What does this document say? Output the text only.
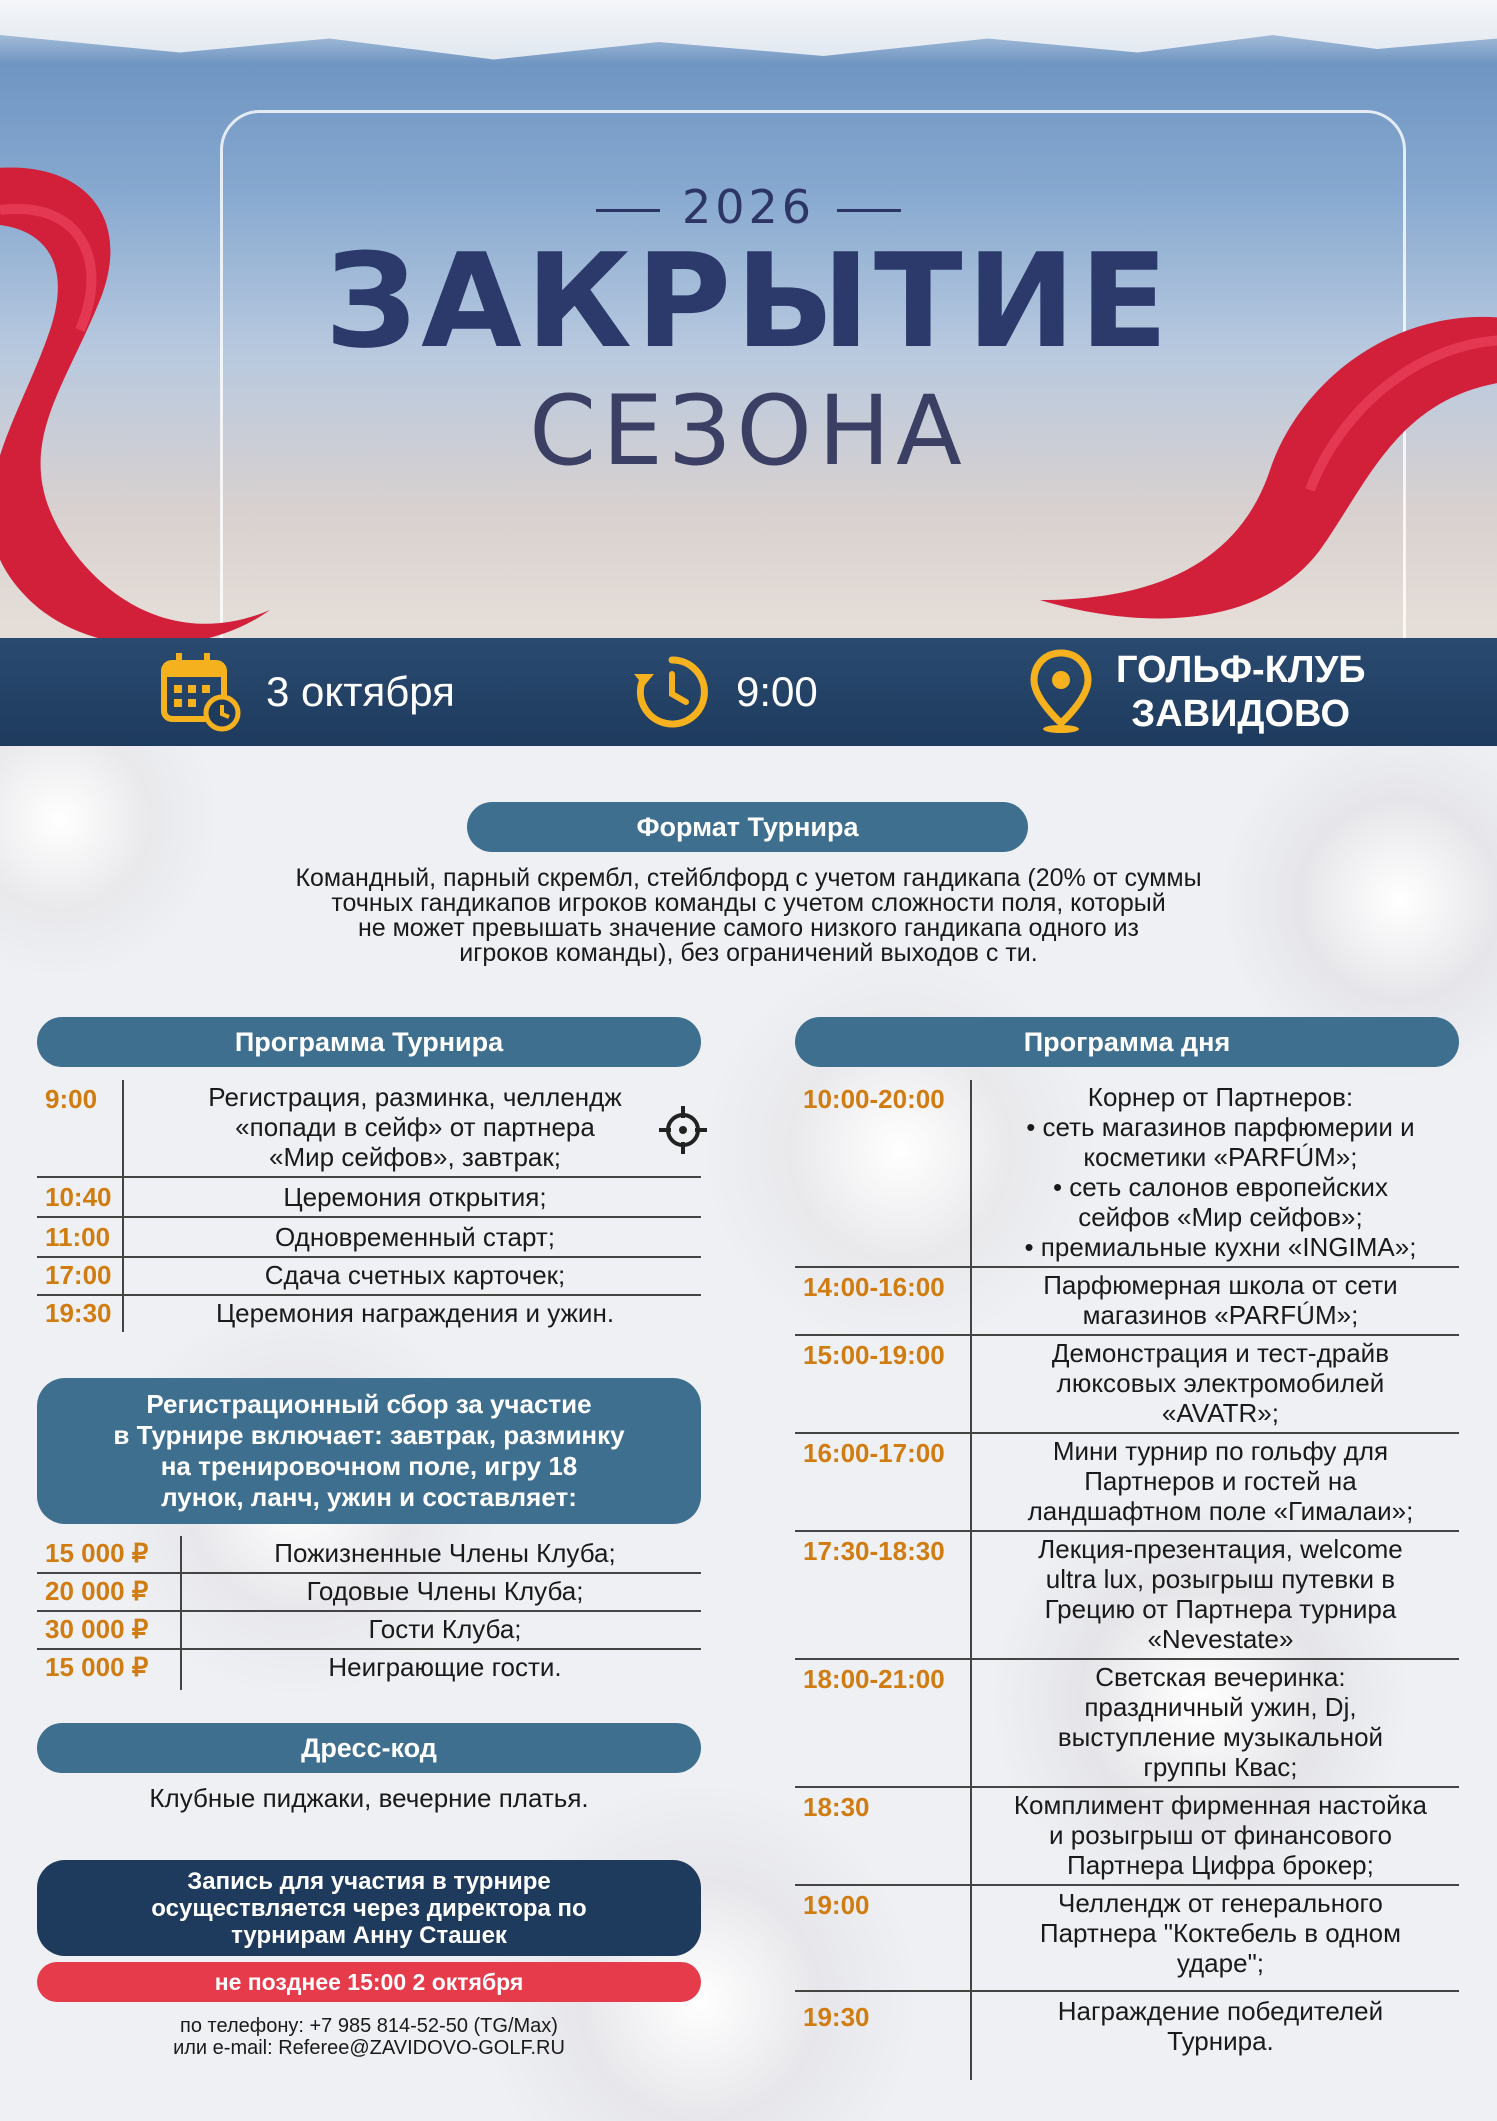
2026
ЗАКРЫТИЕ
СЕЗОНА
3 октября	9:00	ГОЛЬФ-КЛУБ
ЗАВИДОВО
Формат Турнира
Командный, парный скрембл, стейблфорд с учетом гандикапа (20% от суммы
точных гандикапов игроков команды с учетом сложности поля, который
не может превышать значение самого низкого гандикапа одного из
игроков команды), без ограничений выходов с ти.
Программа Турнира
9:00	Регистрация, разминка, челлендж
«попади в сейф» от партнера
«Мир сейфов», завтрак;
10:40	Церемония открытия;
11:00	Одновременный старт;
17:00	Сдача счетных карточек;
19:30	Церемония награждения и ужин.
Регистрационный сбор за участие
в Турнире включает: завтрак, разминку
на тренировочном поле, игру 18
лунок, ланч, ужин и составляет:
15 000 ₽	Пожизненные Члены Клуба;
20 000 ₽	Годовые Члены Клуба;
30 000 ₽	Гости Клуба;
15 000 ₽	Неиграющие гости.
Дресс-код
Клубные пиджаки, вечерние платья.
Запись для участия в турнире
осуществляется через директора по
турнирам Анну Сташек
не позднее 15:00 2 октября
по телефону: +7 985 814-52-50 (TG/Max)
или e-mail: Referee@ZAVIDOVO-GOLF.RU
Программа дня
10:00-20:00	Корнер от Партнеров:
• сеть магазинов парфюмерии и
косметики «PARFÚM»;
• сеть салонов европейских
сейфов «Мир сейфов»;
• премиальные кухни «INGIMA»;
14:00-16:00	Парфюмерная школа от сети
магазинов «PARFÚM»;
15:00-19:00	Демонстрация и тест-драйв
люксовых электромобилей
«AVATR»;
16:00-17:00	Мини турнир по гольфу для
Партнеров и гостей на
ландшафтном поле «Гималаи»;
17:30-18:30	Лекция-презентация, welcome
ultra lux, розыгрыш путевки в
Грецию от Партнера турнира
«Nevestate»
18:00-21:00	Светская вечеринка:
праздничный ужин, Dj,
выступление музыкальной
группы Квас;
18:30	Комплимент фирменная настойка
и розыгрыш от финансового
Партнера Цифра брокер;
19:00	Челлендж от генерального
Партнера "Коктебель в одном
ударе";
19:30	Награждение победителей
Турнира.
